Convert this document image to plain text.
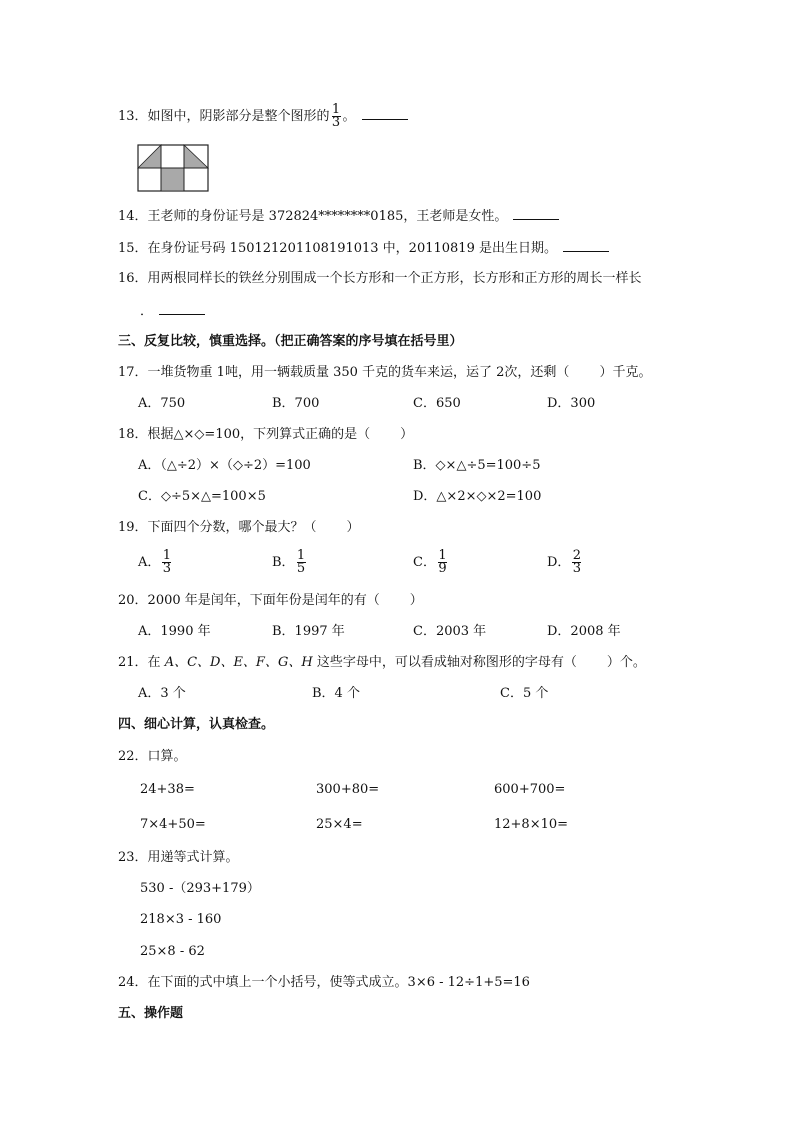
13．如图中，阴影部分是整个图形的 $\frac{1}{3}$ 。
14．王老师的身份证号是 372824********0185，王老师是女性。
15．在身份证号码 150121201108191013 中，20110819 是出生日期。
16．用两根同样长的铁丝分别围成一个长方形和一个正方形，长方形和正方形的周长一样长
．
三、反复比较，慎重选择。（把正确答案的序号填在括号里）
17．一堆货物重 1吨，用一辆载质量 350 千克的货车来运，运了 2次，还剩（ ）千克。
A．750	B．700	C．650	D．300
18．根据△×◇=100，下列算式正确的是（ ）
A．（△÷2）×（◇÷2）=100	B．◇×△÷5=100÷5
C．◇÷5×△=100×5	D．△×2×◇×2=100
19．下面四个分数，哪个最大？（ ）
A． $\frac{1}{3}$	B． $\frac{1}{5}$	C． $\frac{1}{9}$	D． $\frac{2}{3}$
20．2000 年是闰年，下面年份是闰年的有（ ）
A．1990 年	B．1997 年	C．2003 年	D．2008 年
21．在 A、C、D、E、F、G、H 这些字母中，可以看成轴对称图形的字母有（ ）个。
A．3 个	B．4 个	C．5 个
四、细心计算，认真检查。
22．口算。
24+38=	300+80=	600+700=
7×4+50=	25×4=	12+8×10=
23．用递等式计算。
530 -（293+179）
218×3 - 160
25×8 - 62
24．在下面的式中填上一个小括号，使等式成立。3×6 - 12÷1+5=16
五、操作题
